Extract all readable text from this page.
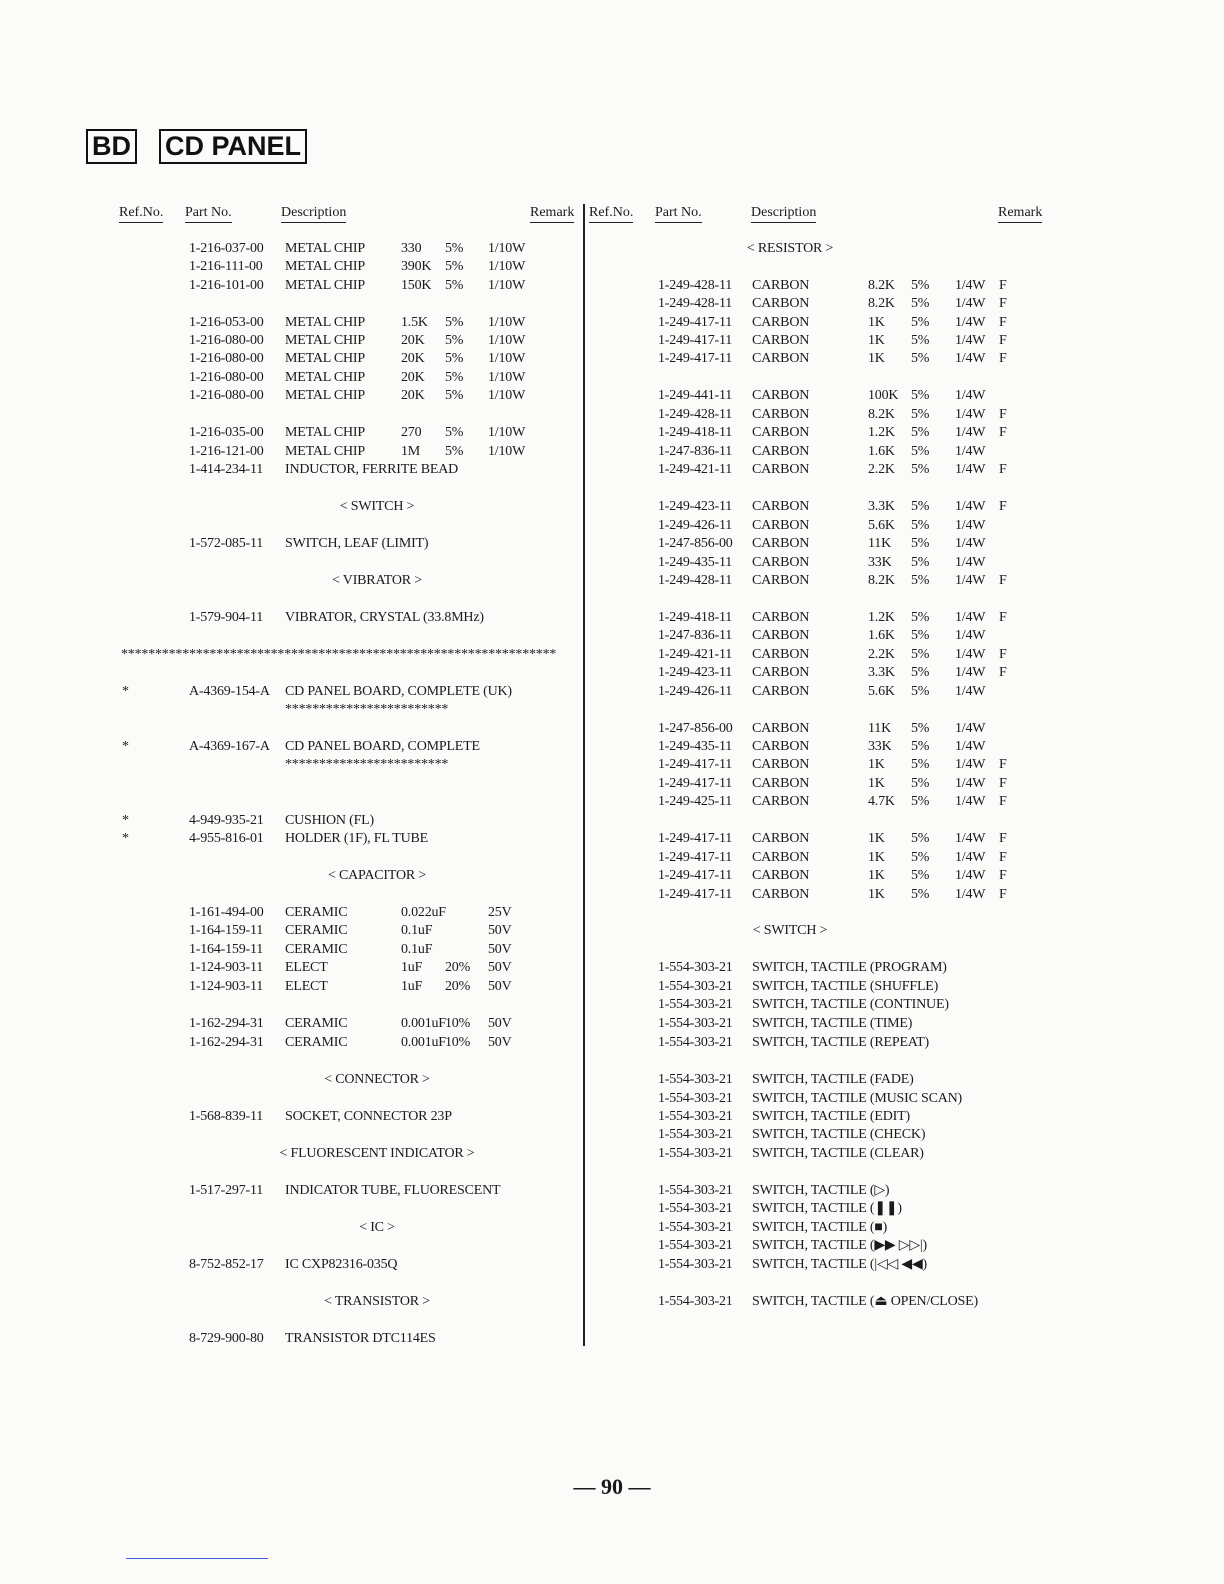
BD CD PANEL
Ref.No. Part No.	Description	Remark Ref.No. Part No.	Description	Remark
1-216-037-00 METAL CHIP	330 5% 1/10W
1-216-111-00 METAL CHIP	390K 5% 1/10W
1-216-101-00 METAL CHIP	150K 5% 1/10W
1-216-053-00 METAL CHIP	1.5K 5% 1/10W
1-216-080-00 METAL CHIP	20K 5% 1/10W
1-216-080-00 METAL CHIP	20K 5% 1/10W
1-216-080-00 METAL CHIP	20K 5% 1/10W
1-216-080-00 METAL CHIP	20K 5% 1/10W
1-216-035-00 METAL CHIP	270 5% 1/10W
1-216-121-00 METAL CHIP	1M 5% 1/10W
1-414-234-11 INDUCTOR, FERRITE BEAD
< SWITCH >
1-572-085-11 SWITCH, LEAF (LIMIT)
< VIBRATOR >
1-579-904-11 VIBRATOR, CRYSTAL (33.8MHz)
****************************************************************
*	A-4369-154-A CD PANEL BOARD, COMPLETE (UK)
************************
*	A-4369-167-A CD PANEL BOARD, COMPLETE
************************
*	4-949-935-21 CUSHION (FL)
*	4-955-816-01 HOLDER (1F), FL TUBE
< CAPACITOR >
1-161-494-00 CERAMIC	0.022uF	25V
1-164-159-11 CERAMIC	0.1uF	50V
1-164-159-11 CERAMIC	0.1uF	50V
1-124-903-11 ELECT	1uF 20% 50V
1-124-903-11 ELECT	1uF 20% 50V
1-162-294-31 CERAMIC	0.001uF 10% 50V
1-162-294-31 CERAMIC	0.001uF 10% 50V
< CONNECTOR >
1-568-839-11 SOCKET, CONNECTOR 23P
< FLUORESCENT INDICATOR >
1-517-297-11 INDICATOR TUBE, FLUORESCENT
< IC >
8-752-852-17 IC CXP82316-035Q
< TRANSISTOR >
8-729-900-80 TRANSISTOR DTC114ES
< RESISTOR >
1-249-428-11 CARBON	8.2K 5% 1/4W F
1-249-428-11 CARBON	8.2K 5% 1/4W F
1-249-417-11 CARBON	1K 5% 1/4W F
1-249-417-11 CARBON	1K 5% 1/4W F
1-249-417-11 CARBON	1K 5% 1/4W F
1-249-441-11 CARBON	100K 5% 1/4W
1-249-428-11 CARBON	8.2K 5% 1/4W F
1-249-418-11 CARBON	1.2K 5% 1/4W F
1-247-836-11 CARBON	1.6K 5% 1/4W
1-249-421-11 CARBON	2.2K 5% 1/4W F
1-249-423-11 CARBON	3.3K 5% 1/4W F
1-249-426-11 CARBON	5.6K 5% 1/4W
1-247-856-00 CARBON	11K 5% 1/4W
1-249-435-11 CARBON	33K 5% 1/4W
1-249-428-11 CARBON	8.2K 5% 1/4W F
1-249-418-11 CARBON	1.2K 5% 1/4W F
1-247-836-11 CARBON	1.6K 5% 1/4W
1-249-421-11 CARBON	2.2K 5% 1/4W F
1-249-423-11 CARBON	3.3K 5% 1/4W F
1-249-426-11 CARBON	5.6K 5% 1/4W
1-247-856-00 CARBON	11K 5% 1/4W
1-249-435-11 CARBON	33K 5% 1/4W
1-249-417-11 CARBON	1K 5% 1/4W F
1-249-417-11 CARBON	1K 5% 1/4W F
1-249-425-11 CARBON	4.7K 5% 1/4W F
1-249-417-11 CARBON	1K 5% 1/4W F
1-249-417-11 CARBON	1K 5% 1/4W F
1-249-417-11 CARBON	1K 5% 1/4W F
1-249-417-11 CARBON	1K 5% 1/4W F
< SWITCH >
1-554-303-21 SWITCH, TACTILE (PROGRAM)
1-554-303-21 SWITCH, TACTILE (SHUFFLE)
1-554-303-21 SWITCH, TACTILE (CONTINUE)
1-554-303-21 SWITCH, TACTILE (TIME)
1-554-303-21 SWITCH, TACTILE (REPEAT)
1-554-303-21 SWITCH, TACTILE (FADE)
1-554-303-21 SWITCH, TACTILE (MUSIC SCAN)
1-554-303-21 SWITCH, TACTILE (EDIT)
1-554-303-21 SWITCH, TACTILE (CHECK)
1-554-303-21 SWITCH, TACTILE (CLEAR)
1-554-303-21 SWITCH, TACTILE (▷)
1-554-303-21 SWITCH, TACTILE (❚❚)
1-554-303-21 SWITCH, TACTILE (■)
1-554-303-21 SWITCH, TACTILE (▶▶ ▷▷|)
1-554-303-21 SWITCH, TACTILE (|◁◁ ◀◀)
1-554-303-21 SWITCH, TACTILE (⏏ OPEN/CLOSE)
— 90 —
